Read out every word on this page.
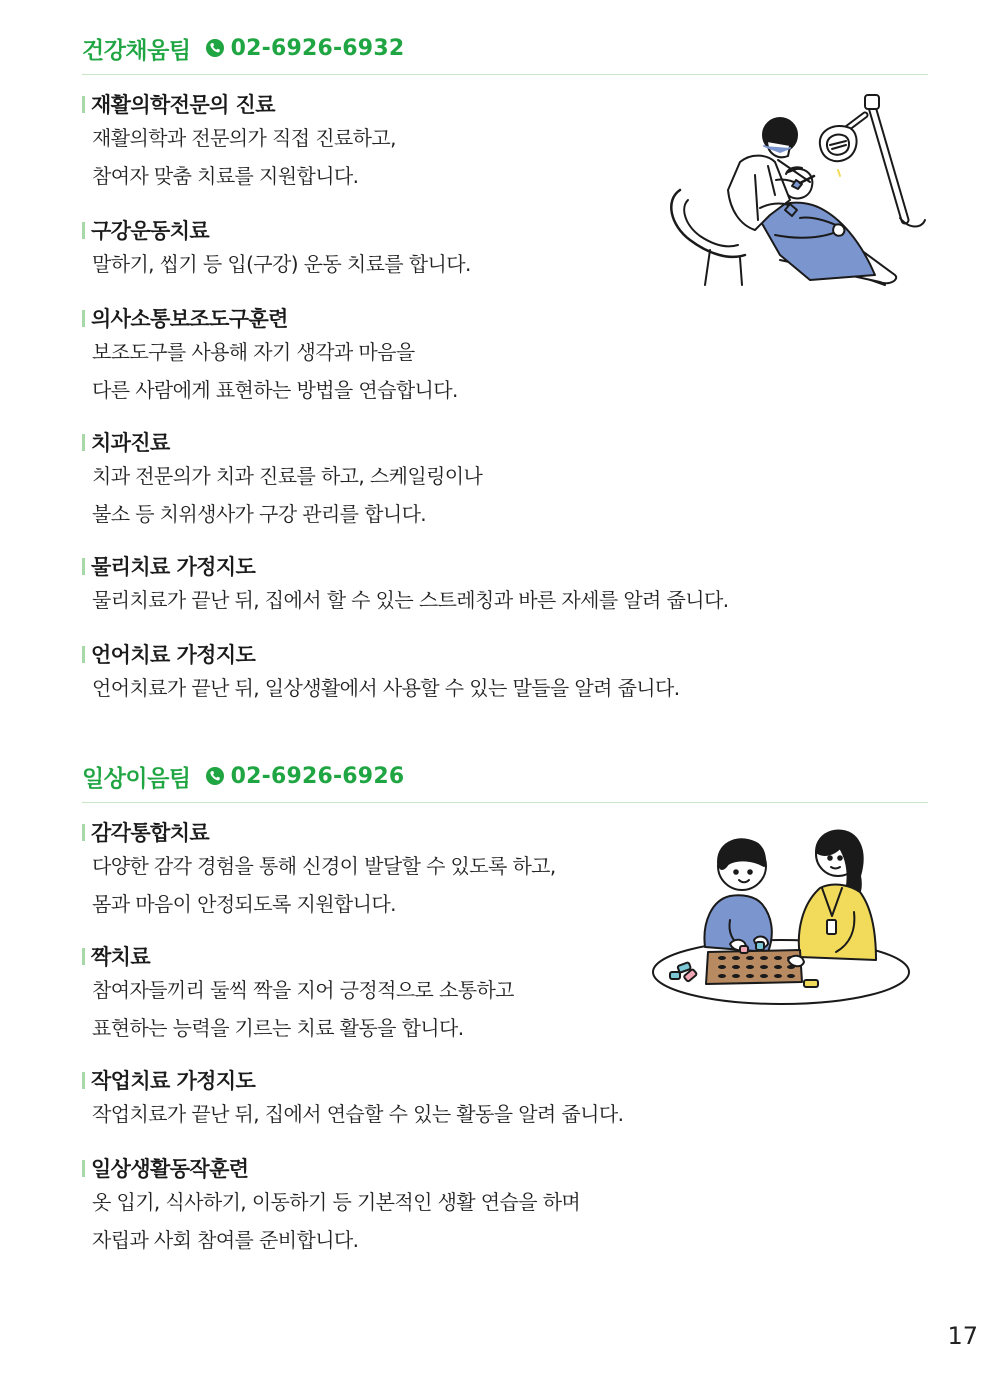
건강채움팀 02-6926-6932
재활의학전문의 진료
재활의학과 전문의가 직접 진료하고,
참여자 맞춤 치료를 지원합니다.
구강운동치료
말하기, 씹기 등 입(구강) 운동 치료를 합니다.
의사소통보조도구훈련
보조도구를 사용해 자기 생각과 마음을
다른 사람에게 표현하는 방법을 연습합니다.
치과진료
치과 전문의가 치과 진료를 하고, 스케일링이나
불소 등 치위생사가 구강 관리를 합니다.
물리치료 가정지도
물리치료가 끝난 뒤, 집에서 할 수 있는 스트레칭과 바른 자세를 알려 줍니다.
언어치료 가정지도
언어치료가 끝난 뒤, 일상생활에서 사용할 수 있는 말들을 알려 줍니다.
일상이음팀 02-6926-6926
감각통합치료
다양한 감각 경험을 통해 신경이 발달할 수 있도록 하고,
몸과 마음이 안정되도록 지원합니다.
짝치료
참여자들끼리 둘씩 짝을 지어 긍정적으로 소통하고
표현하는 능력을 기르는 치료 활동을 합니다.
작업치료 가정지도
작업치료가 끝난 뒤, 집에서 연습할 수 있는 활동을 알려 줍니다.
일상생활동작훈련
옷 입기, 식사하기, 이동하기 등 기본적인 생활 연습을 하며
자립과 사회 참여를 준비합니다.
17
